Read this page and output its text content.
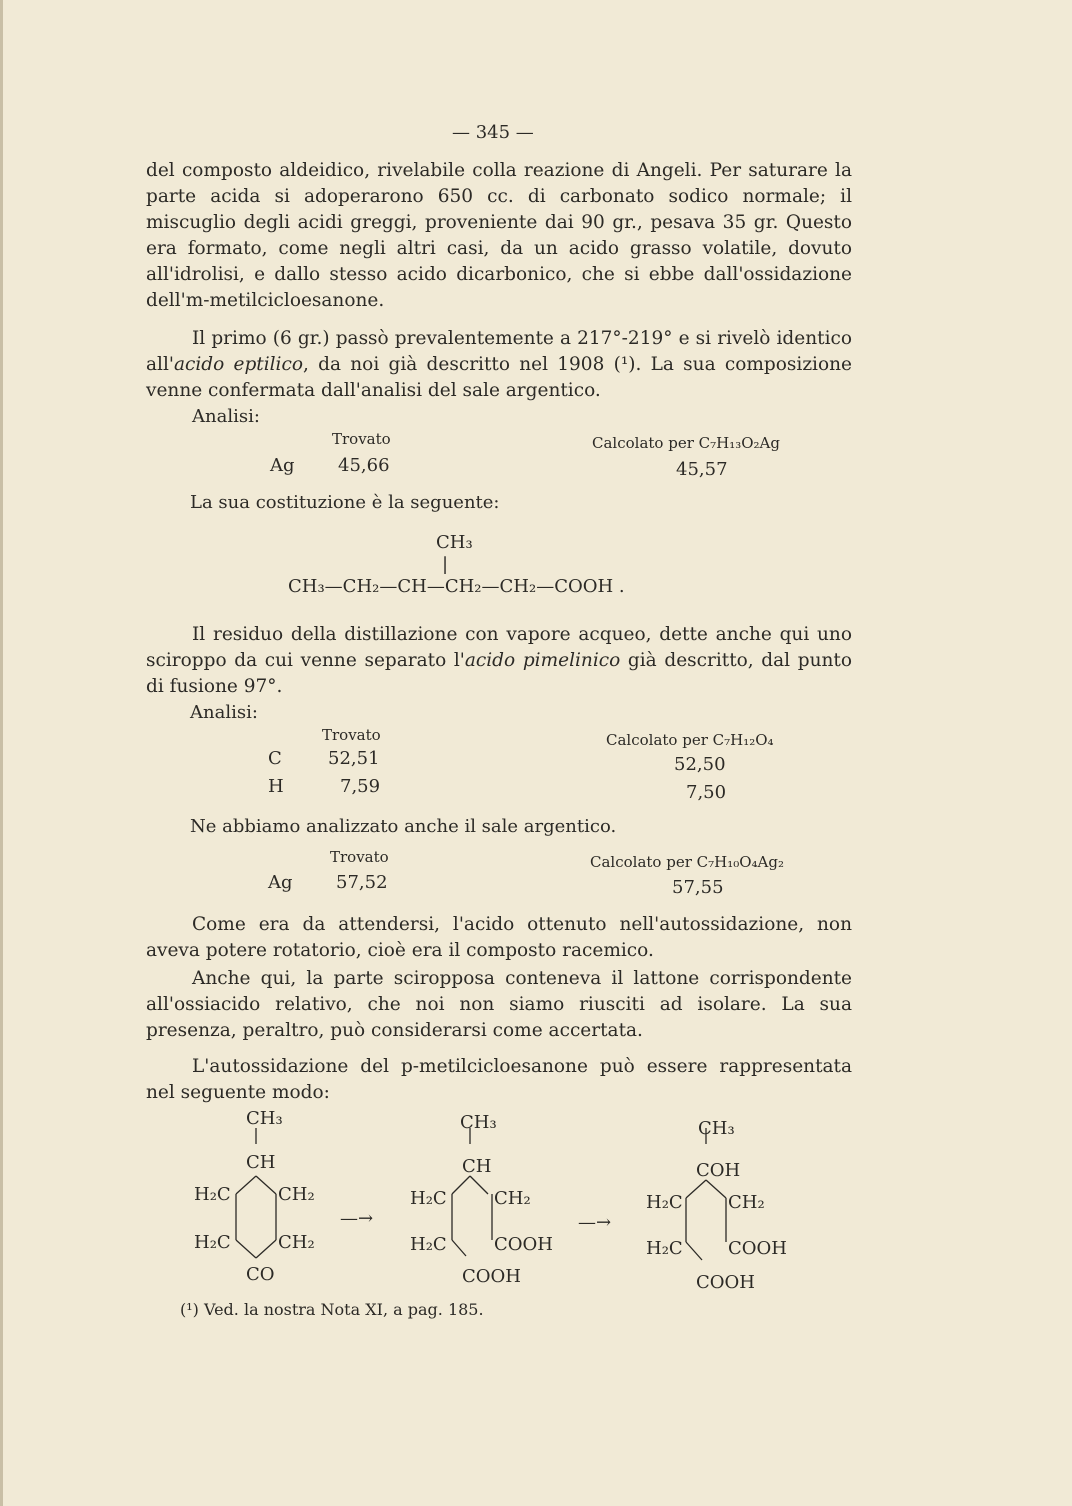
— 345 —
del composto aldeidico, rivelabile colla reazione di Angeli. Per saturare la parte acida si adoperarono 650 cc. di carbonato sodico normale; il miscuglio degli acidi greggi, proveniente dai 90 gr., pesava 35 gr. Questo era formato, come negli altri casi, da un acido grasso volatile, dovuto all'idrolisi, e dallo stesso acido dicarbonico, che si ebbe dall'ossidazione dell'm-metilcicloesanone.
Il primo (6 gr.) passò prevalentemente a 217°-219° e si rivelò identico all'acido eptilico, da noi già descritto nel 1908 (¹). La sua composizione venne confermata dall'analisi del sale argentico.
Analisi:
Trovato	Calcolato per C₇H₁₃O₂Ag
Ag 45,66	45,57
La sua costituzione è la seguente:
CH₃
|
CH₃—CH₂—CH—CH₂—CH₂—COOH .
Il residuo della distillazione con vapore acqueo, dette anche qui uno sciroppo da cui venne separato l'acido pimelinico già descritto, dal punto di fusione 97°.
Analisi:
Trovato	Calcolato per C₇H₁₂O₄
C	52,51	52,50
H	7,59	7,50
Ne abbiamo analizzato anche il sale argentico.
Trovato	Calcolato per C₇H₁₀O₄Ag₂
Ag 57,52	57,55
Come era da attendersi, l'acido ottenuto nell'autossidazione, non aveva potere rotatorio, cioè era il composto racemico.
Anche qui, la parte sciropposa conteneva il lattone corrispondente all'ossiacido relativo, che noi non siamo riusciti ad isolare. La sua presenza, peraltro, può considerarsi come accertata.
L'autossidazione del p-metilcicloesanone può essere rappresentata nel seguente modo:
CH₃
CH
H₂C	CH₂
H₂C	CH₂
CO
—→
CH₃
CH
H₂C	CH₂
H₂C	COOH
COOH
—→
CH₃
COH
H₂C	CH₂
H₂C	COOH
COOH
(¹) Ved. la nostra Nota XI, a pag. 185.
